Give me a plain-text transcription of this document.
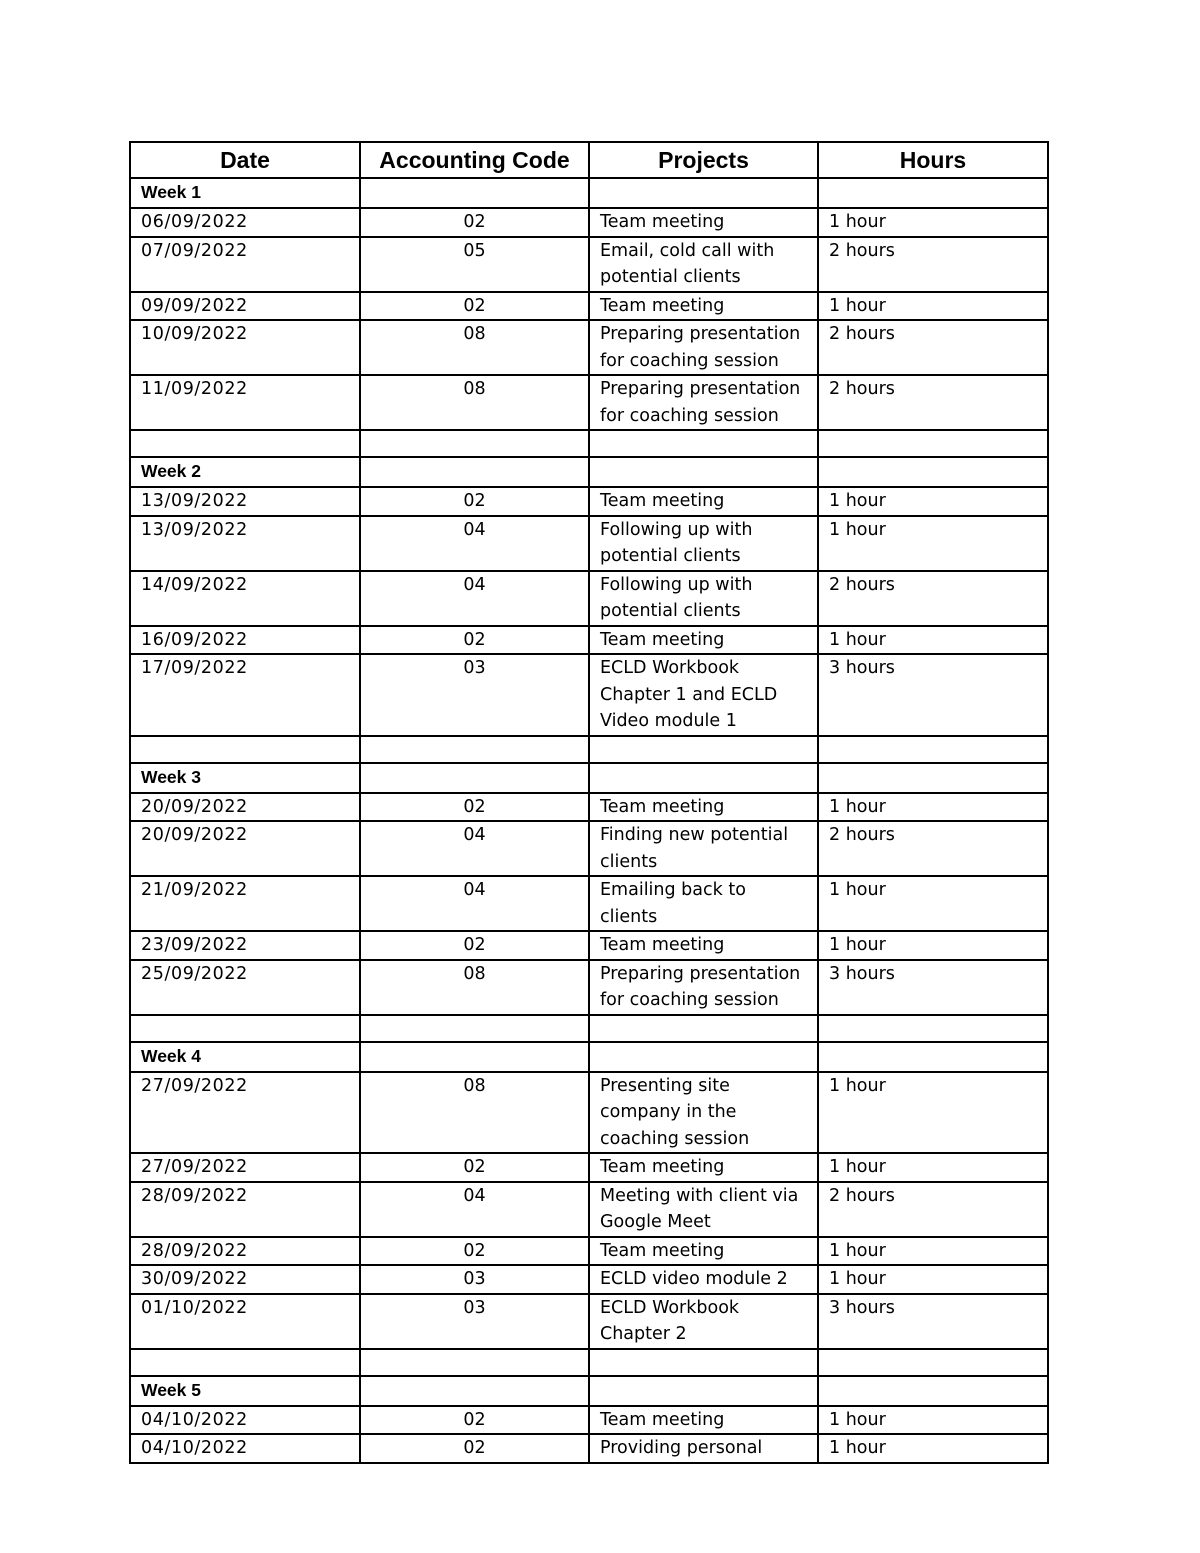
Date	Accounting Code	Projects	Hours
Week 1			
06/09/2022	02	Team meeting	1 hour
07/09/2022	05	Email, cold call with potential clients	2 hours
09/09/2022	02	Team meeting	1 hour
10/09/2022	08	Preparing presentation for coaching session	2 hours
11/09/2022	08	Preparing presentation for coaching session	2 hours

Week 2			
13/09/2022	02	Team meeting	1 hour
13/09/2022	04	Following up with potential clients	1 hour
14/09/2022	04	Following up with potential clients	2 hours
16/09/2022	02	Team meeting	1 hour
17/09/2022	03	ECLD Workbook Chapter 1 and ECLD Video module 1	3 hours

Week 3			
20/09/2022	02	Team meeting	1 hour
20/09/2022	04	Finding new potential clients	2 hours
21/09/2022	04	Emailing back to clients	1 hour
23/09/2022	02	Team meeting	1 hour
25/09/2022	08	Preparing presentation for coaching session	3 hours

Week 4			
27/09/2022	08	Presenting site company in the coaching session	1 hour
27/09/2022	02	Team meeting	1 hour
28/09/2022	04	Meeting with client via Google Meet	2 hours
28/09/2022	02	Team meeting	1 hour
30/09/2022	03	ECLD video module 2	1 hour
01/10/2022	03	ECLD Workbook Chapter 2	3 hours

Week 5			
04/10/2022	02	Team meeting	1 hour
04/10/2022	02	Providing personal	1 hour
